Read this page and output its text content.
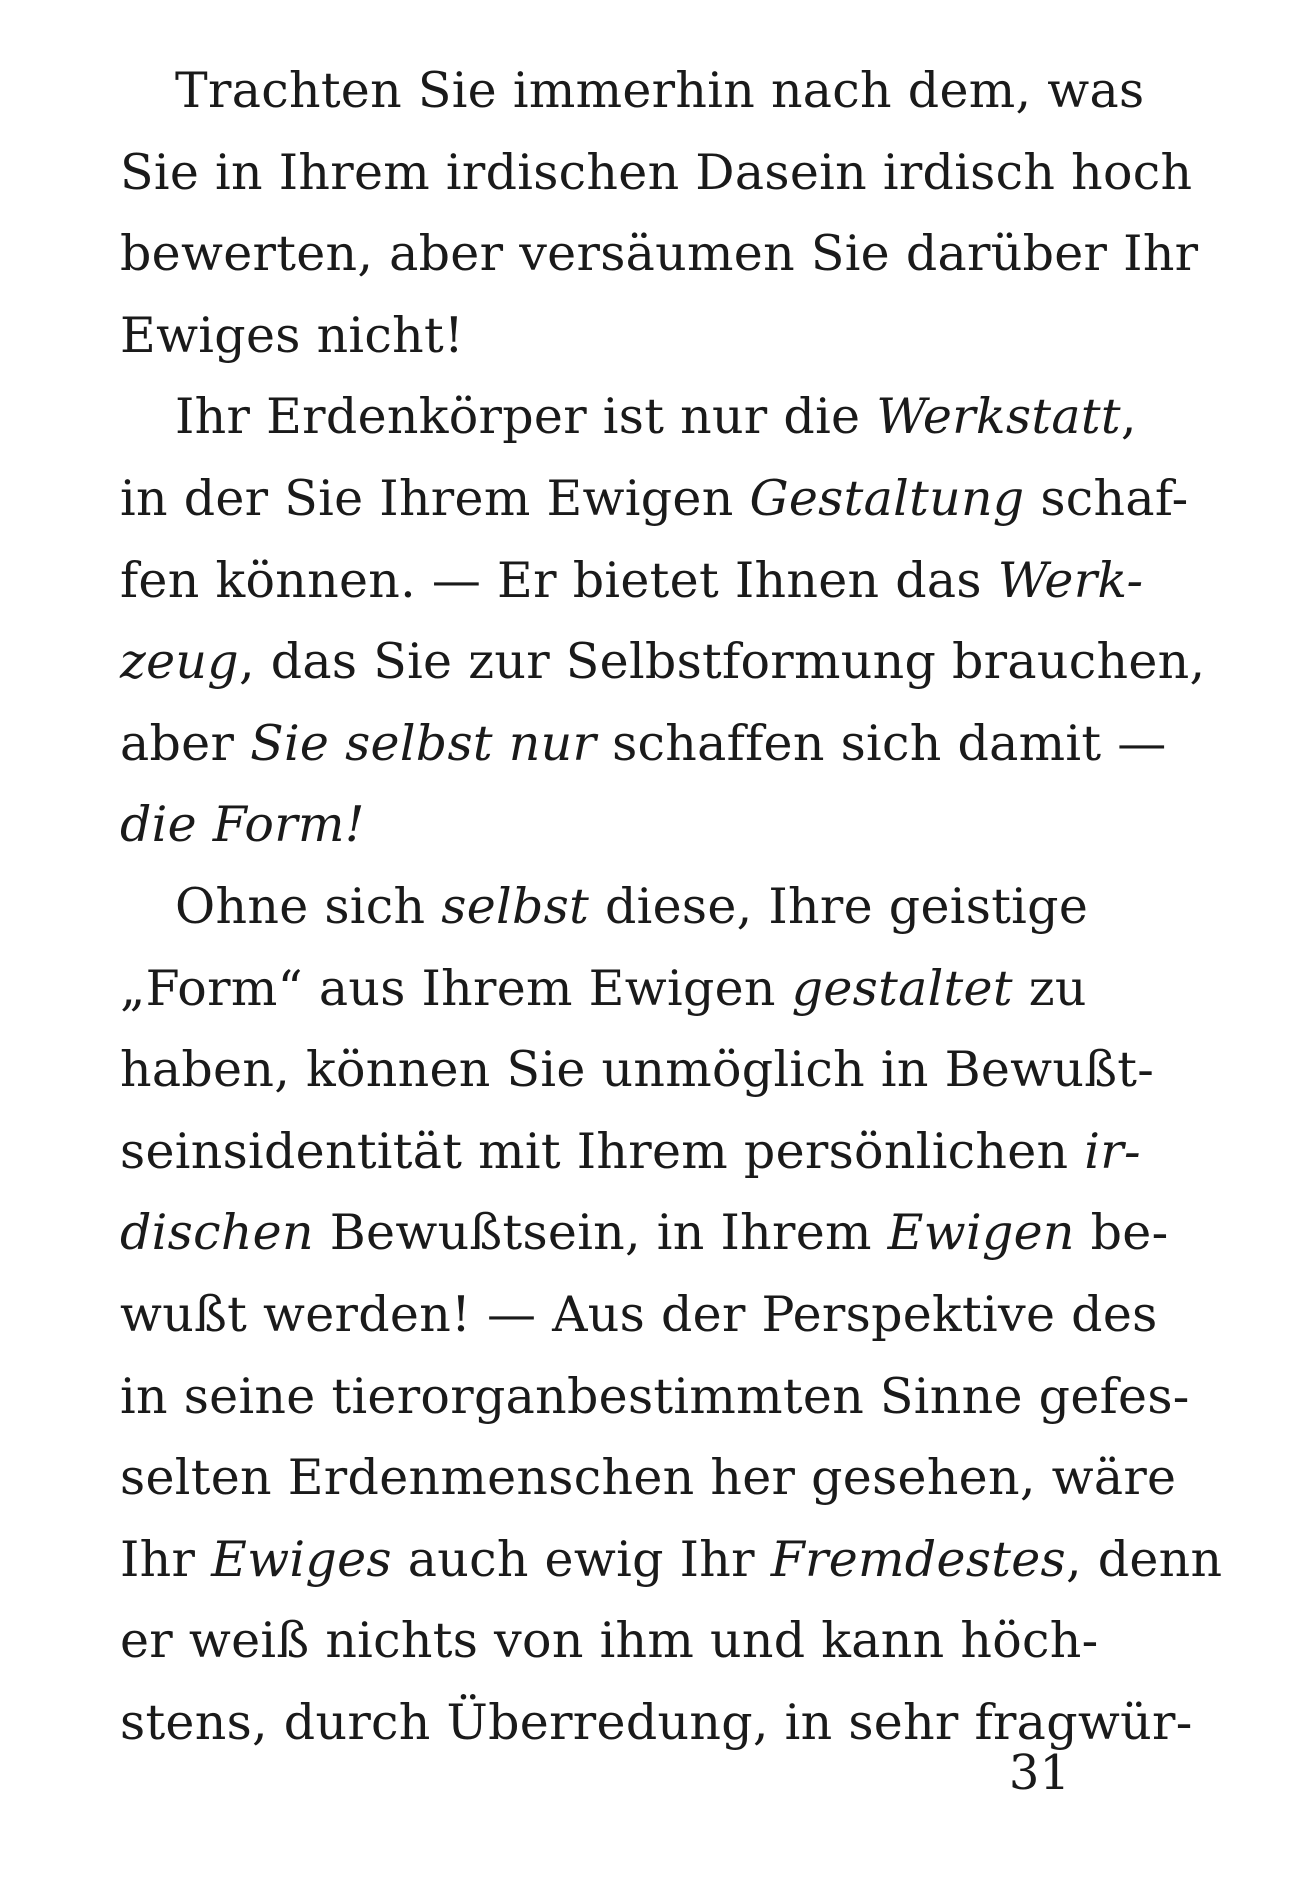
Trachten Sie immerhin nach dem, was
Sie in Ihrem irdischen Dasein irdisch hoch
bewerten, aber versäumen Sie darüber Ihr
Ewiges nicht!
Ihr Erdenkörper ist nur die Werkstatt,
in der Sie Ihrem Ewigen Gestaltung schaf-
fen können. — Er bietet Ihnen das Werk-
zeug, das Sie zur Selbstformung brauchen,
aber Sie selbst nur schaffen sich damit —
die Form!
Ohne sich selbst diese, Ihre geistige
„Form“ aus Ihrem Ewigen gestaltet zu
haben, können Sie unmöglich in Bewußt-
seinsidentität mit Ihrem persönlichen ir-
dischen Bewußtsein, in Ihrem Ewigen be-
wußt werden! — Aus der Perspektive des
in seine tierorganbestimmten Sinne gefes-
selten Erdenmenschen her gesehen, wäre
Ihr Ewiges auch ewig Ihr Fremdestes, denn
er weiß nichts von ihm und kann höch-
stens, durch Überredung, in sehr fragwür-
31
